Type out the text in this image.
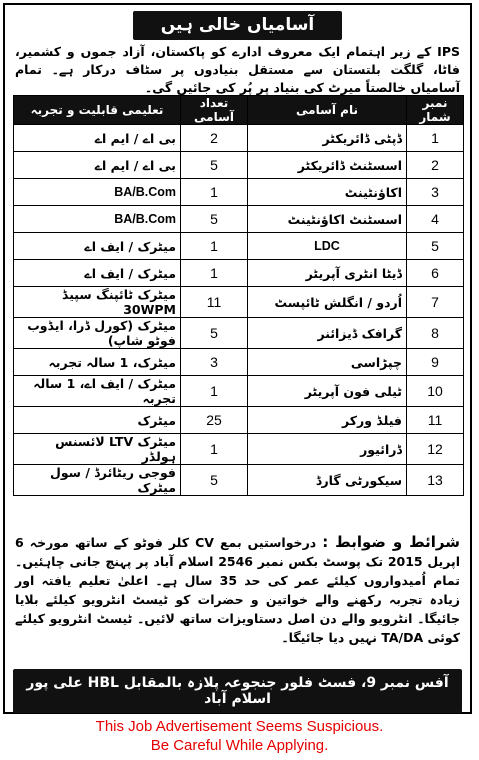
آسامیاں خالی ہیں
IPS کے زیر اہتمام ایک معروف ادارے کو پاکستان، آزاد جموں و کشمیر، فاٹا، گلگت بلتستان سے مستقل بنیادوں پر سٹاف درکار ہے۔ تمام آسامیاں خالصتاً میرٹ کی بنیاد پر پُر کی جائیں گی۔
نمبر شمار	نام آسامی	تعداد آسامی	تعلیمی قابلیت و تجربہ
1	ڈپٹی ڈائریکٹر	2	بی اے / ایم اے
2	اسسٹنٹ ڈائریکٹر	5	بی اے / ایم اے
3	اکاؤنٹینٹ	1	BA/B.Com
4	اسسٹنٹ اکاؤنٹینٹ	5	BA/B.Com
5	LDC	1	میٹرک / ایف اے
6	ڈیٹا انٹری آپریٹر	1	میٹرک / ایف اے
7	اُردو / انگلش ٹائپسٹ	11	میٹرک ٹائپنگ سپیڈ 30WPM
8	گرافک ڈیزائنر	5	میٹرک (کورل ڈرا، ایڈوب فوٹو شاپ)
9	چپڑاسی	3	میٹرک، 1 سالہ تجربہ
10	ٹیلی فون آپریٹر	1	میٹرک / ایف اے، 1 سالہ تجربہ
11	فیلڈ ورکر	25	میٹرک
12	ڈرائیور	1	میٹرک LTV لائسنس ہولڈر
13	سیکورٹی گارڈ	5	فوجی ریٹائرڈ / سول میٹرک
شرائط و ضوابط : درخواستیں بمع CV کلر فوٹو کے ساتھ مورخہ 6 اپریل 2015 تک پوسٹ بکس نمبر 2546 اسلام آباد پر پہنچ جانی چاہئیں۔ تمام اُمیدواروں کیلئے عمر کی حد 35 سال ہے۔ اعلیٰ تعلیم یافتہ اور زیادہ تجربہ رکھنے والے خواتین و حضرات کو ٹیسٹ انٹرویو کیلئے بلایا جائیگا۔ انٹرویو والے دن اصل دستاویزات ساتھ لائیں۔ ٹیسٹ انٹرویو کیلئے کوئی TA/DA نہیں دیا جائیگا۔
آفس نمبر 9، فسٹ فلور جنجوعہ پلازہ بالمقابل HBL علی پور اسلام آباد
This Job Advertisement Seems Suspicious.
Be Careful While Applying.
